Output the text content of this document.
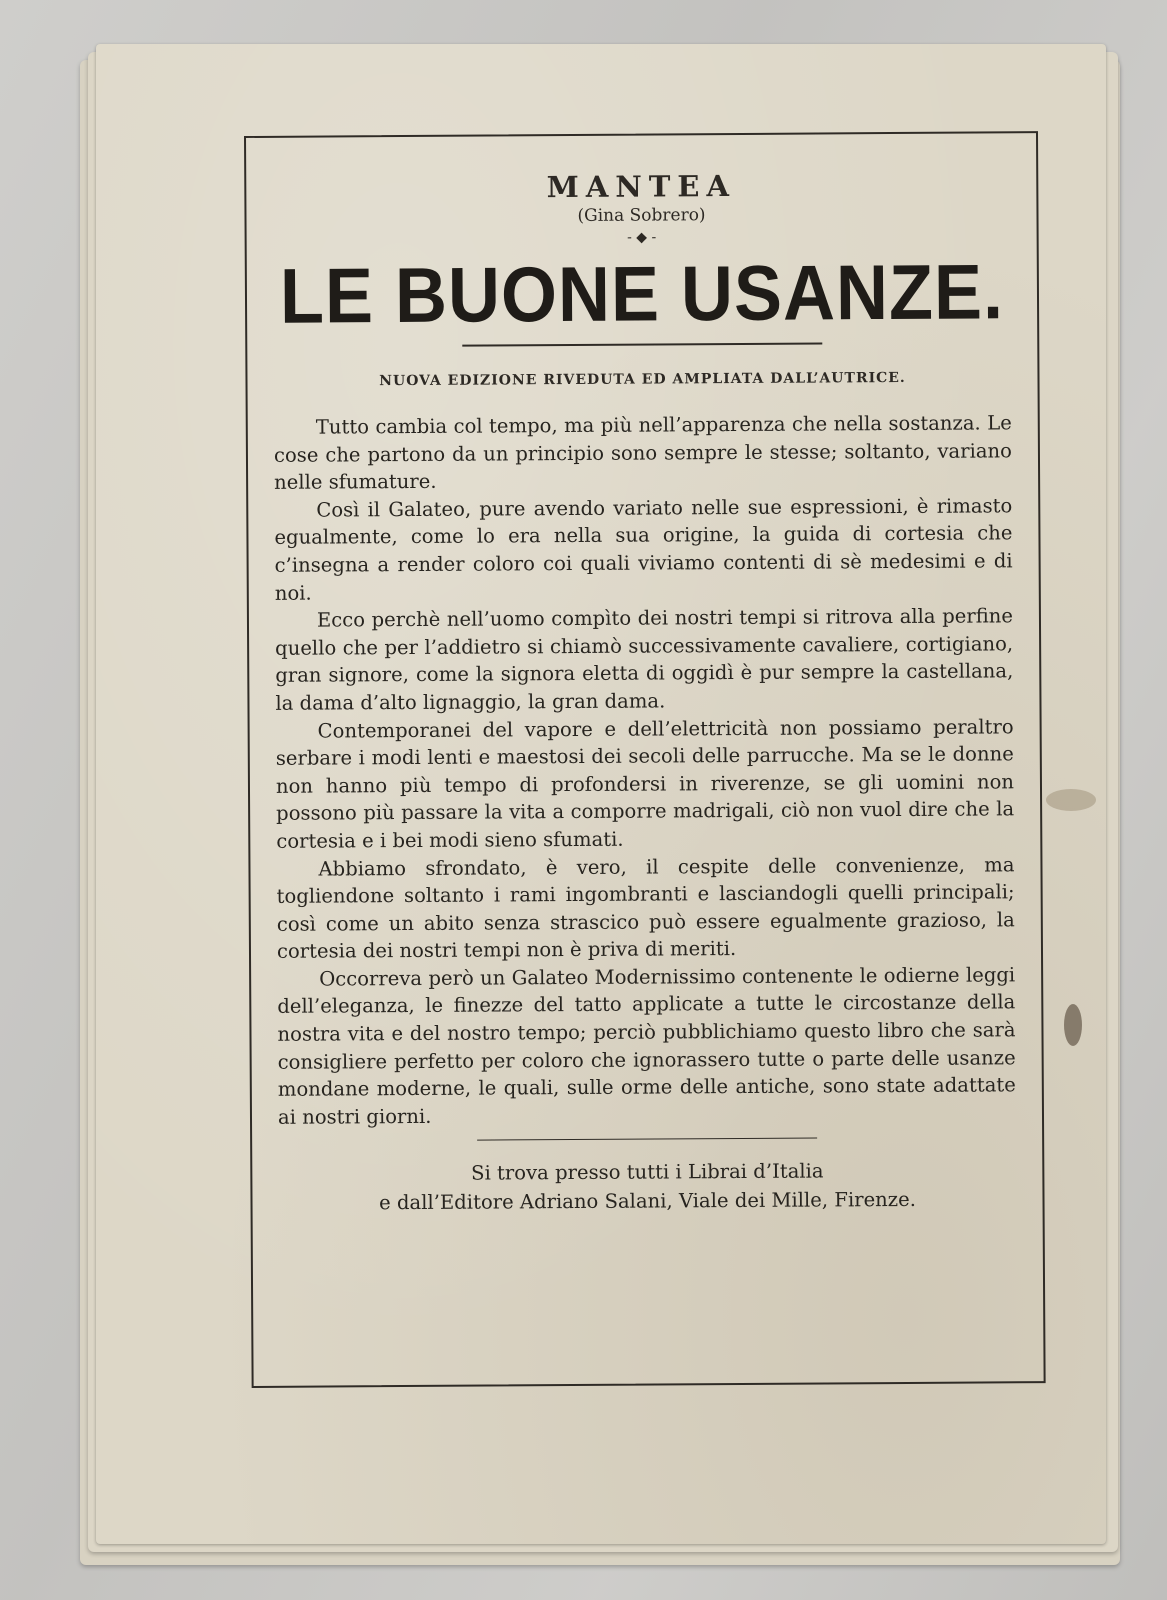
MANTEA
(Gina Sobrero)
- ◆ -
LE BUONE USANZE.
NUOVA EDIZIONE RIVEDUTA ED AMPLIATA DALL’AUTRICE.

Tutto cambia col tempo, ma più nell’apparenza che nella sostanza. Le cose che partono da un principio sono sempre le stesse; soltanto, variano nelle sfumature.

Così il Galateo, pure avendo variato nelle sue espressioni, è rimasto egualmente, come lo era nella sua origine, la guida di cortesia che c’insegna a render coloro coi quali viviamo contenti di sè medesimi e di noi.

Ecco perchè nell’uomo compìto dei nostri tempi si ritrova alla perfine quello che per l’addietro si chiamò successivamente cavaliere, cortigiano, gran signore, come la signora eletta di oggidì è pur sempre la castellana, la dama d’alto lignaggio, la gran dama.

Contemporanei del vapore e dell’elettricità non possiamo peraltro serbare i modi lenti e maestosi dei secoli delle parrucche. Ma se le donne non hanno più tempo di profondersi in riverenze, se gli uomini non possono più passare la vita a comporre madrigali, ciò non vuol dire che la cortesia e i bei modi sieno sfumati.

Abbiamo sfrondato, è vero, il cespite delle convenienze, ma togliendone soltanto i rami ingombranti e lasciandogli quelli principali; così come un abito senza strascico può essere egualmente grazioso, la cortesia dei nostri tempi non è priva di meriti.

Occorreva però un Galateo Modernissimo contenente le odierne leggi dell’eleganza, le finezze del tatto applicate a tutte le circostanze della nostra vita e del nostro tempo; perciò pubblichiamo questo libro che sarà consigliere perfetto per coloro che ignorassero tutte o parte delle usanze mondane moderne, le quali, sulle orme delle antiche, sono state adattate ai nostri giorni.

Si trova presso tutti i Librai d’Italia
e dall’Editore Adriano Salani, Viale dei Mille, Firenze.
